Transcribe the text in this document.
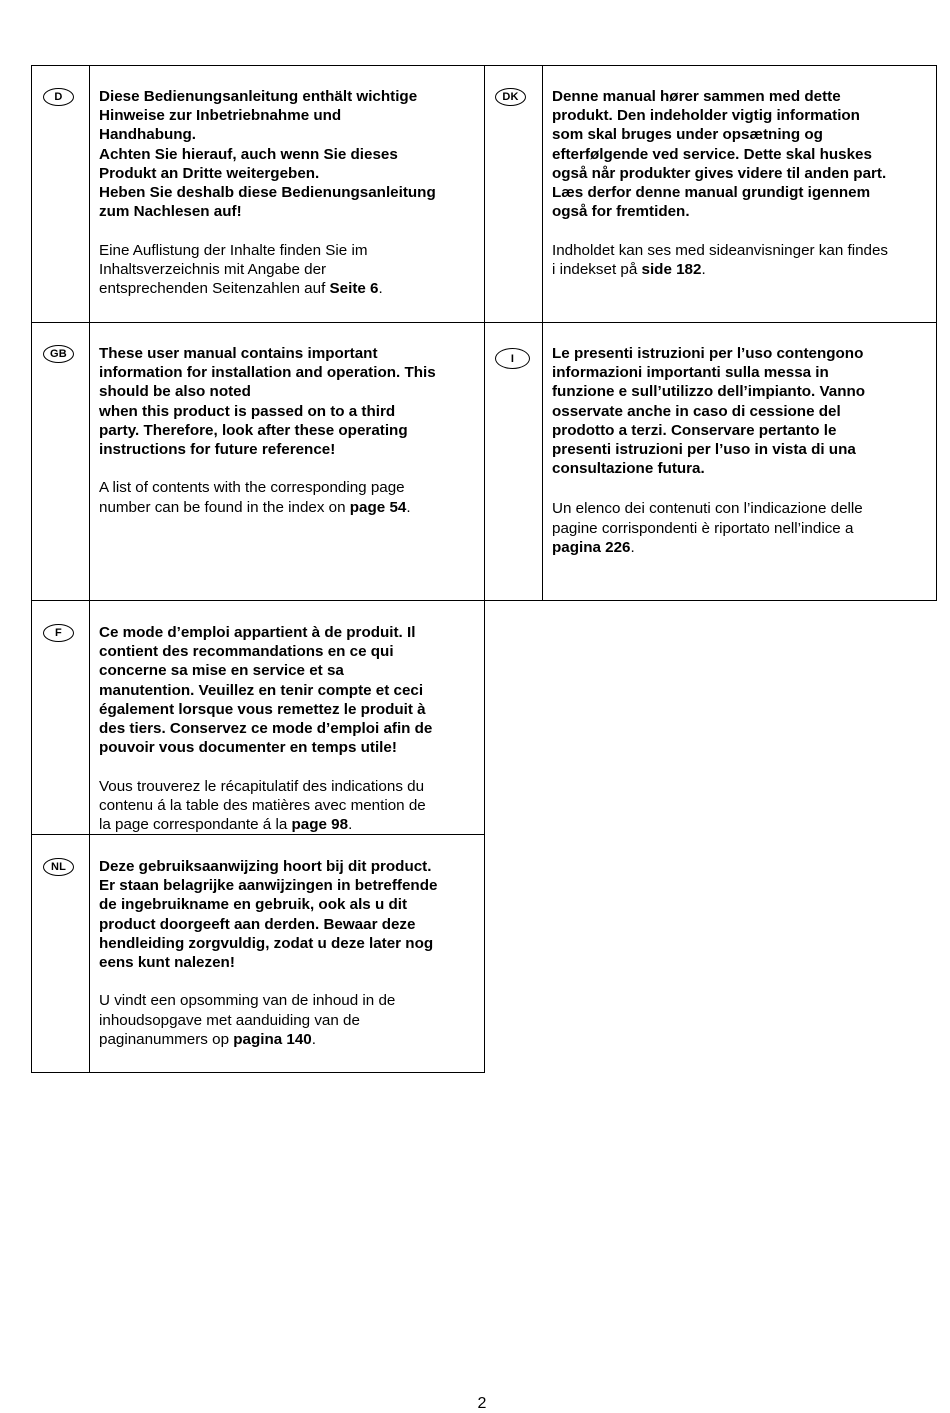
D	Diese Bedienungsanleitung enthält wichtige
Hinweise zur Inbetriebnahme und
Handhabung.
Achten Sie hierauf, auch wenn Sie dieses
Produkt an Dritte weitergeben.
Heben Sie deshalb diese Bedienungsanleitung
zum Nachlesen auf!
Eine Auflistung der Inhalte finden Sie im
Inhaltsverzeichnis mit Angabe der
entsprechenden Seitenzahlen auf Seite 6.
DK	Denne manual hører sammen med dette
produkt. Den indeholder vigtig information
som skal bruges under opsætning og
efterfølgende ved service. Dette skal huskes
også når produkter gives videre til anden part.
Læs derfor denne manual grundigt igennem
også for fremtiden.
Indholdet kan ses med sideanvisninger kan findes
i indekset på side 182.
GB	These user manual contains important
information for installation and operation. This
should be also noted
when this product is passed on to a third
party. Therefore, look after these operating
instructions for future reference!
A list of contents with the corresponding page
number can be found in the index on page 54.
I	Le presenti istruzioni per l’uso contengono
informazioni importanti sulla messa in
funzione e sull’utilizzo dell’impianto. Vanno
osservate anche in caso di cessione del
prodotto a terzi. Conservare pertanto le
presenti istruzioni per l’uso in vista di una
consultazione futura.
Un elenco dei contenuti con l’indicazione delle
pagine corrispondenti è riportato nell’indice a
pagina 226.
F	Ce mode d’emploi appartient à de produit. Il
contient des recommandations en ce qui
concerne sa mise en service et sa
manutention. Veuillez en tenir compte et ceci
également lorsque vous remettez le produit à
des tiers. Conservez ce mode d’emploi afin de
pouvoir vous documenter en temps utile!
Vous trouverez le récapitulatif des indications du
contenu á la table des matières avec mention de
la page correspondante á la page 98.
NL	Deze gebruiksaanwijzing hoort bij dit product.
Er staan belagrijke aanwijzingen in betreffende
de ingebruikname en gebruik, ook als u dit
product doorgeeft aan derden. Bewaar deze
hendleiding zorgvuldig, zodat u deze later nog
eens kunt nalezen!
U vindt een opsomming van de inhoud in de
inhoudsopgave met aanduiding van de
paginanummers op pagina 140.
2
